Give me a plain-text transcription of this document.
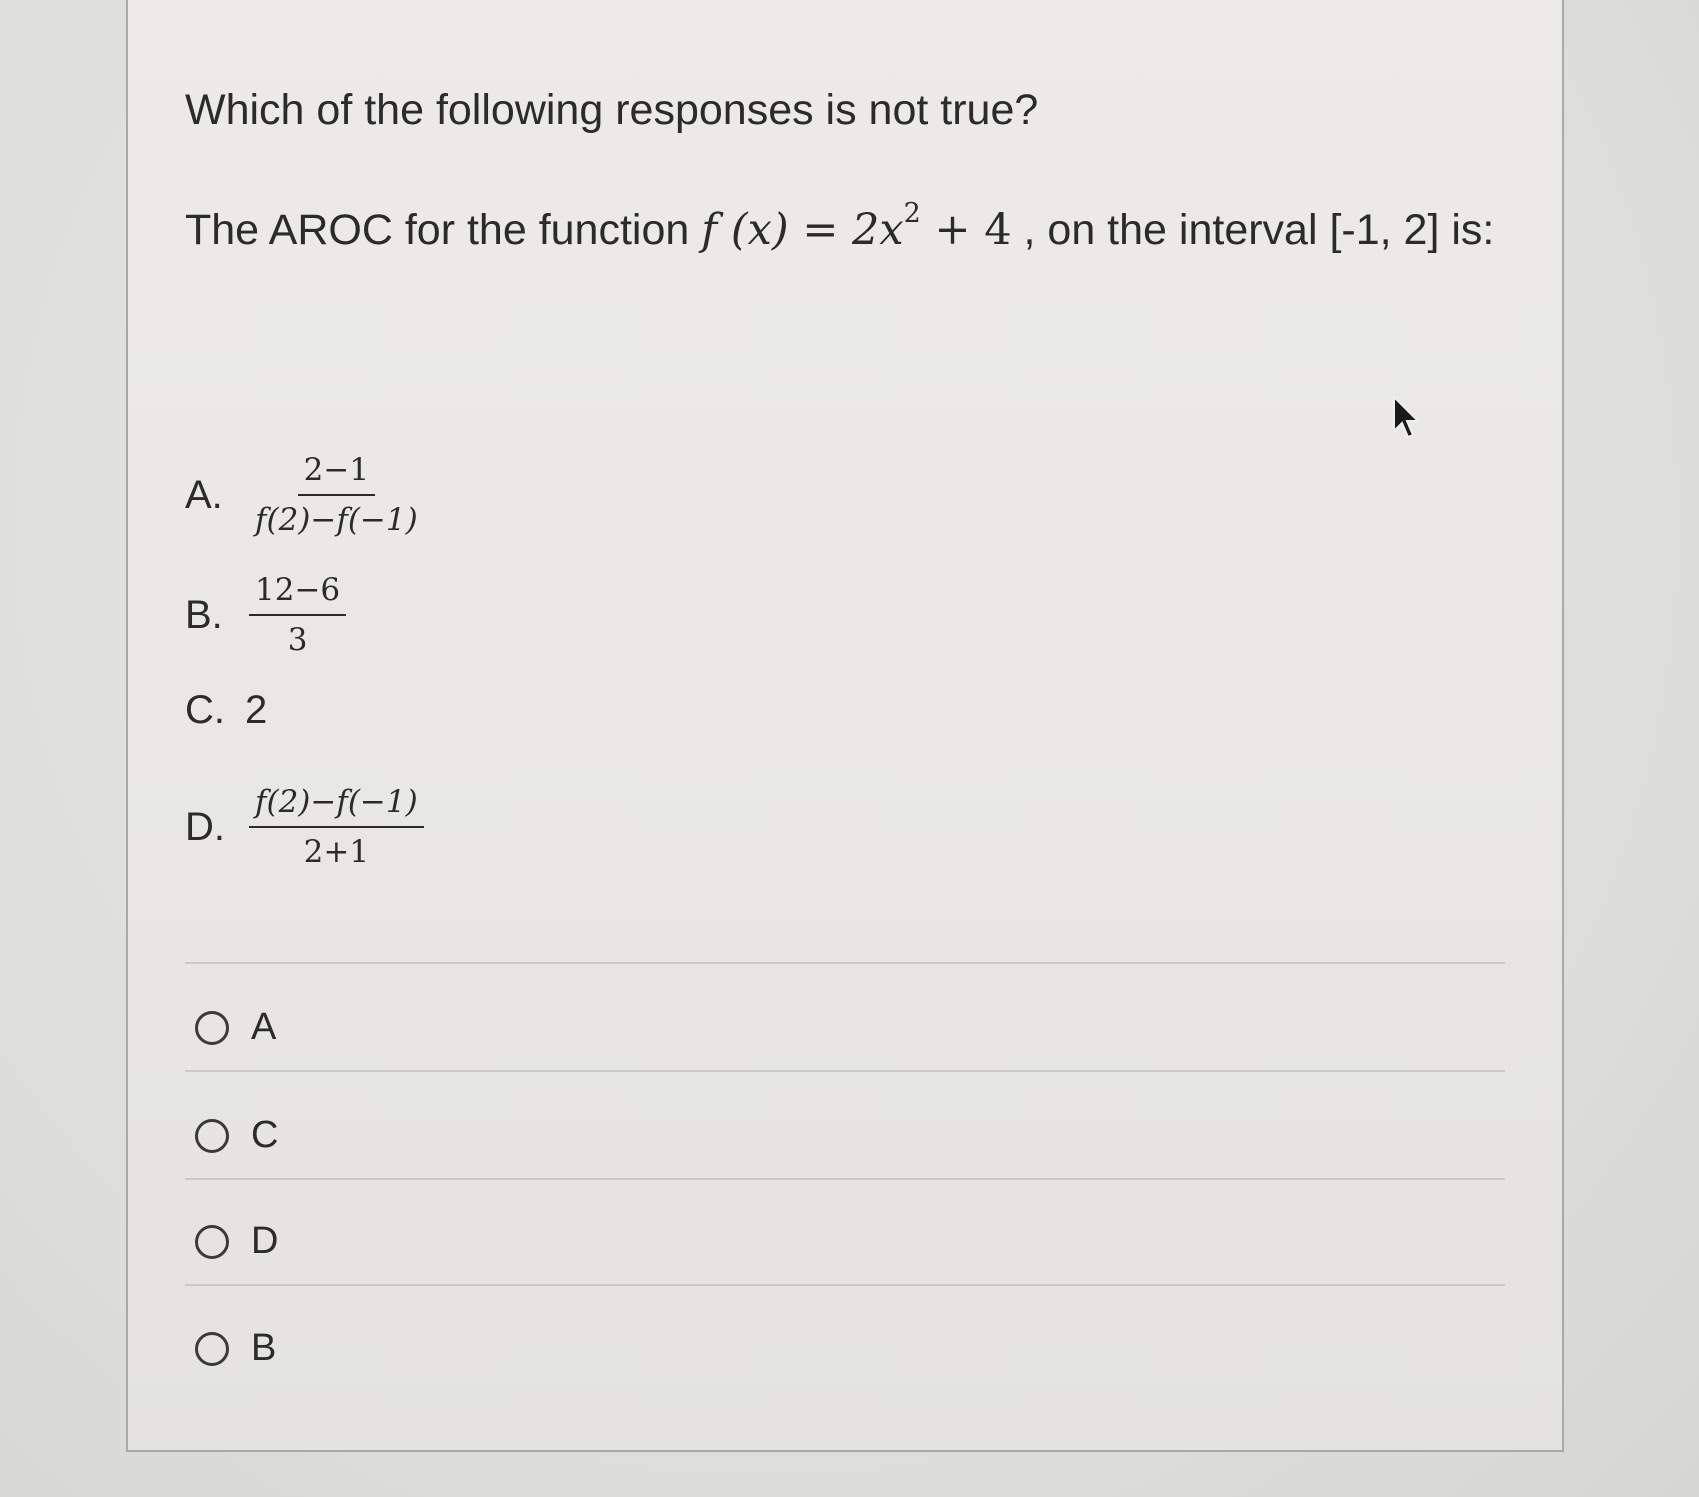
Which of the following responses is not true?
The AROC for the function f $(x) = 2x^2 + 4$ , on the interval [-1, 2] is:
A. $\frac{2-1}{f(2)-f(-1)}$
B. $\frac{12-6}{3}$
C. 2
D. $\frac{f(2)-f(-1)}{2+1}$
A
C
D
B
